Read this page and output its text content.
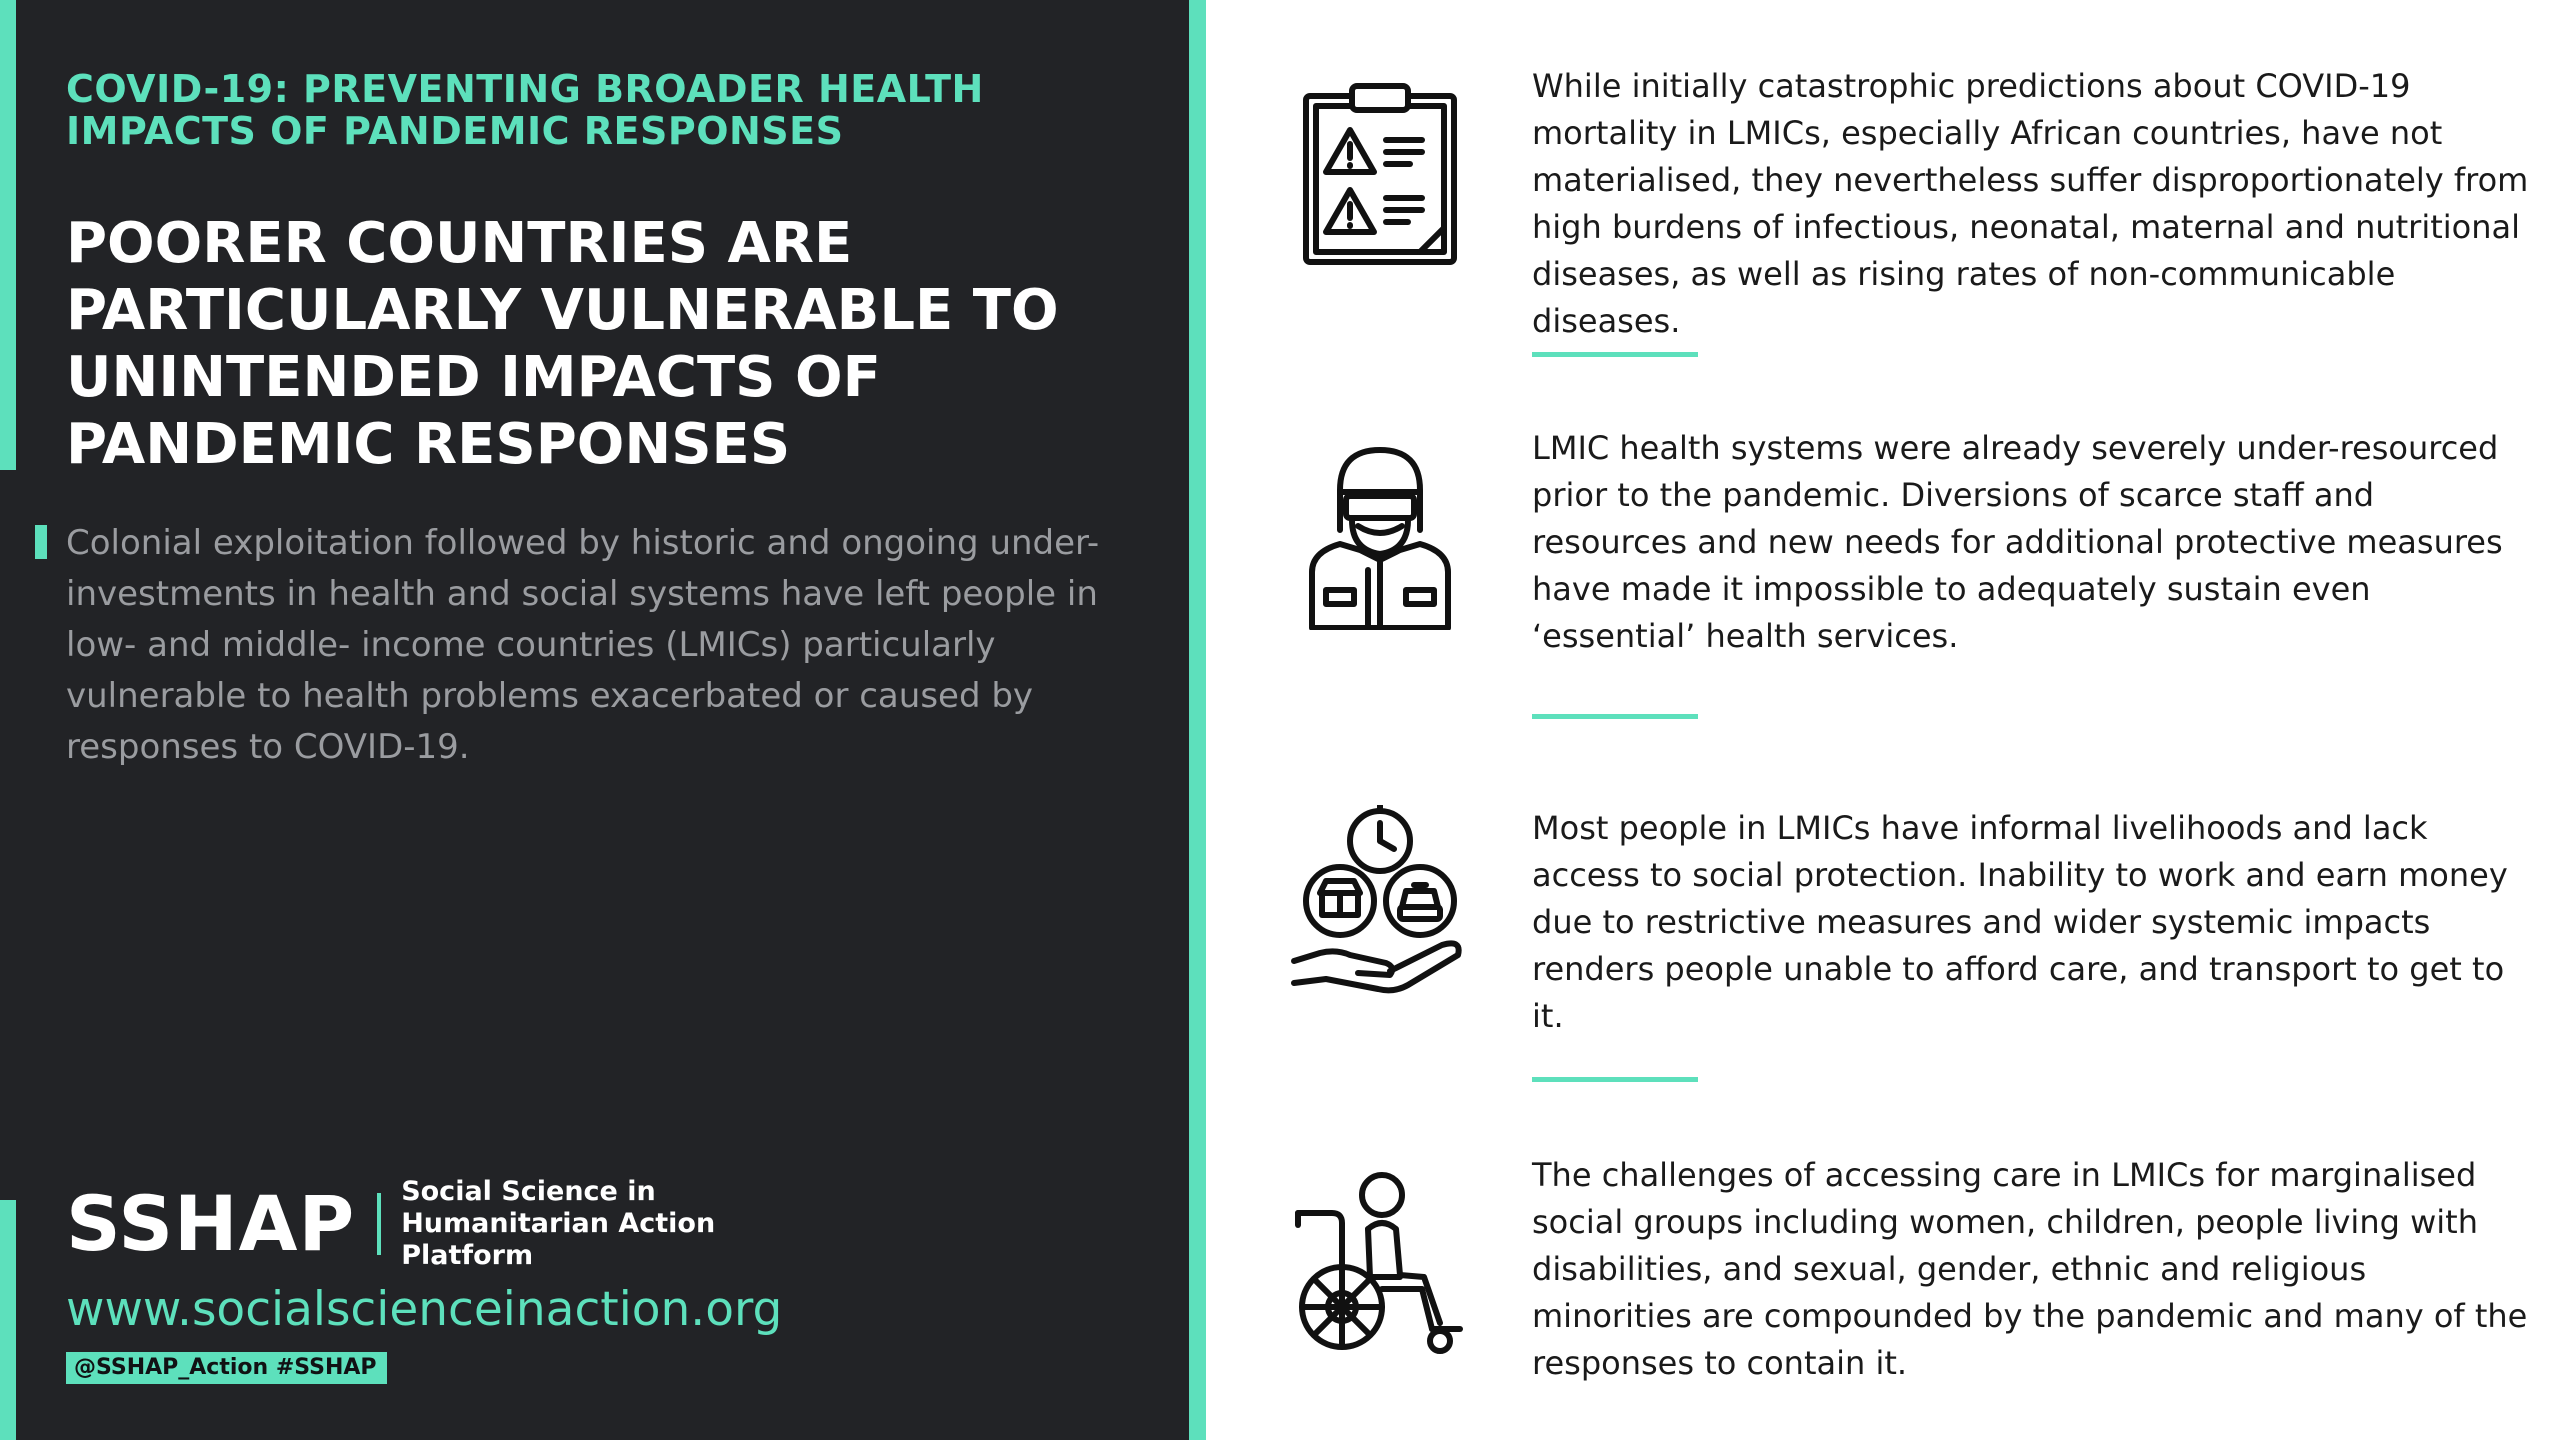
COVID-19: PREVENTING BROADER HEALTH IMPACTS OF PANDEMIC RESPONSES
POORER COUNTRIES ARE PARTICULARLY VULNERABLE TO UNINTENDED IMPACTS OF PANDEMIC RESPONSES
Colonial exploitation followed by historic and ongoing under-investments in health and social systems have left people in low- and middle- income countries (LMICs) particularly vulnerable to health problems exacerbated or caused by responses to COVID-19.
SSHAP Social Science in Humanitarian Action Platform
www.socialscienceinaction.org
@SSHAP_Action #SSHAP
While initially catastrophic predictions about COVID-19 mortality in LMICs, especially African countries, have not materialised, they nevertheless suffer disproportionately from high burdens of infectious, neonatal, maternal and nutritional diseases, as well as rising rates of non-communicable diseases.
LMIC health systems were already severely under-resourced prior to the pandemic. Diversions of scarce staff and resources and new needs for additional protective measures have made it impossible to adequately sustain even ‘essential’ health services.
Most people in LMICs have informal livelihoods and lack access to social protection. Inability to work and earn money due to restrictive measures and wider systemic impacts renders people unable to afford care, and transport to get to it.
The challenges of accessing care in LMICs for marginalised social groups including women, children, people living with disabilities, and sexual, gender, ethnic and religious minorities are compounded by the pandemic and many of the responses to contain it.
